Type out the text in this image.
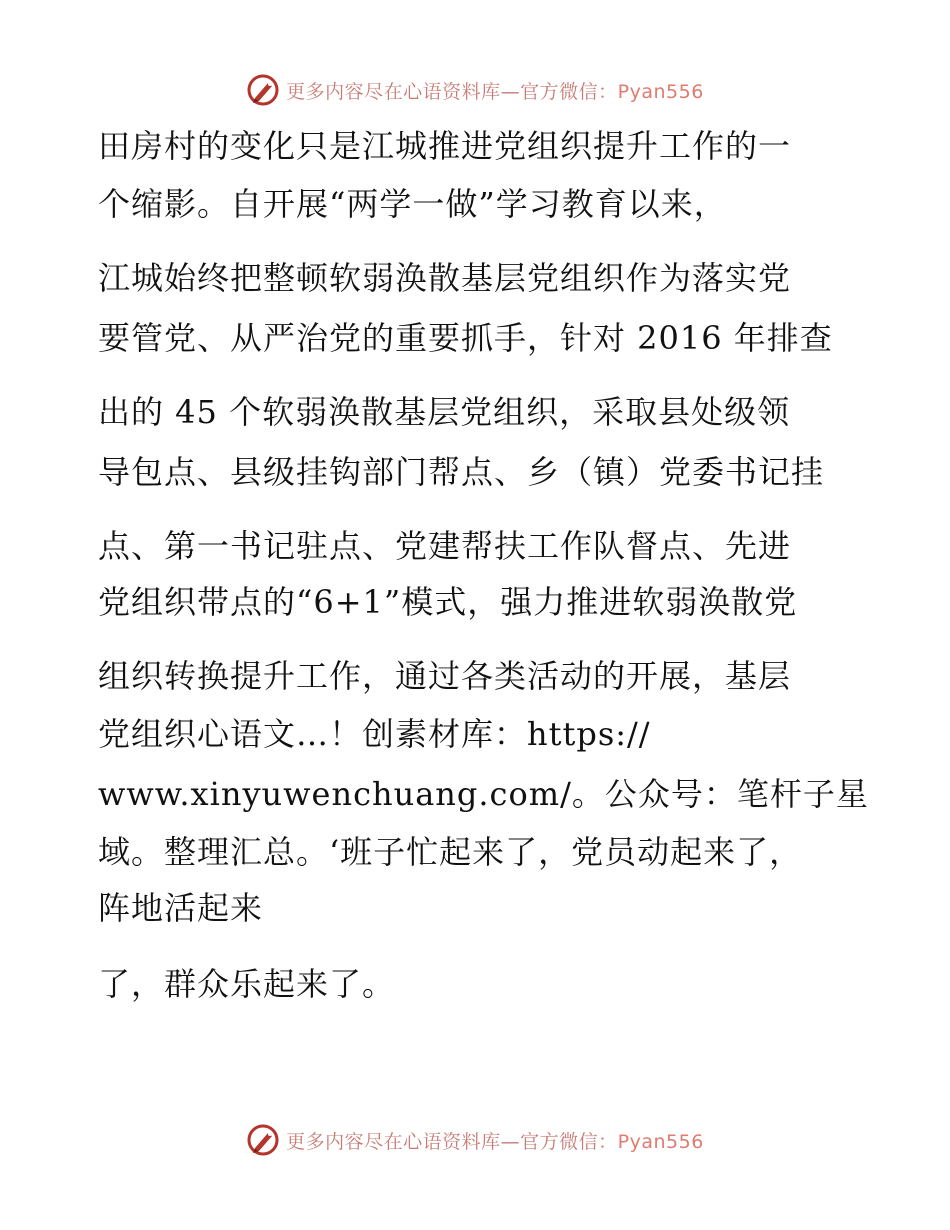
更多内容尽在心语资料库—官方微信：Pyan556
田房村的变化只是江城推进党组织提升工作的一
个缩影。自开展“两学一做”学习教育以来，
江城始终把整顿软弱涣散基层党组织作为落实党
要管党、从严治党的重要抓手，针对 2016 年排查
出的 45 个软弱涣散基层党组织，采取县处级领
导包点、县级挂钩部门帮点、乡（镇）党委书记挂
点、第一书记驻点、党建帮扶工作队督点、先进
党组织带点的“6+1”模式，强力推进软弱涣散党
组织转换提升工作，通过各类活动的开展，基层
党组织心语文…！创素材库：https://
www.xinyuwenchuang.com/。公众号：笔杆子星
域。整理汇总。‘班子忙起来了，党员动起来了，
阵地活起来
了，群众乐起来了。
更多内容尽在心语资料库—官方微信：Pyan556
